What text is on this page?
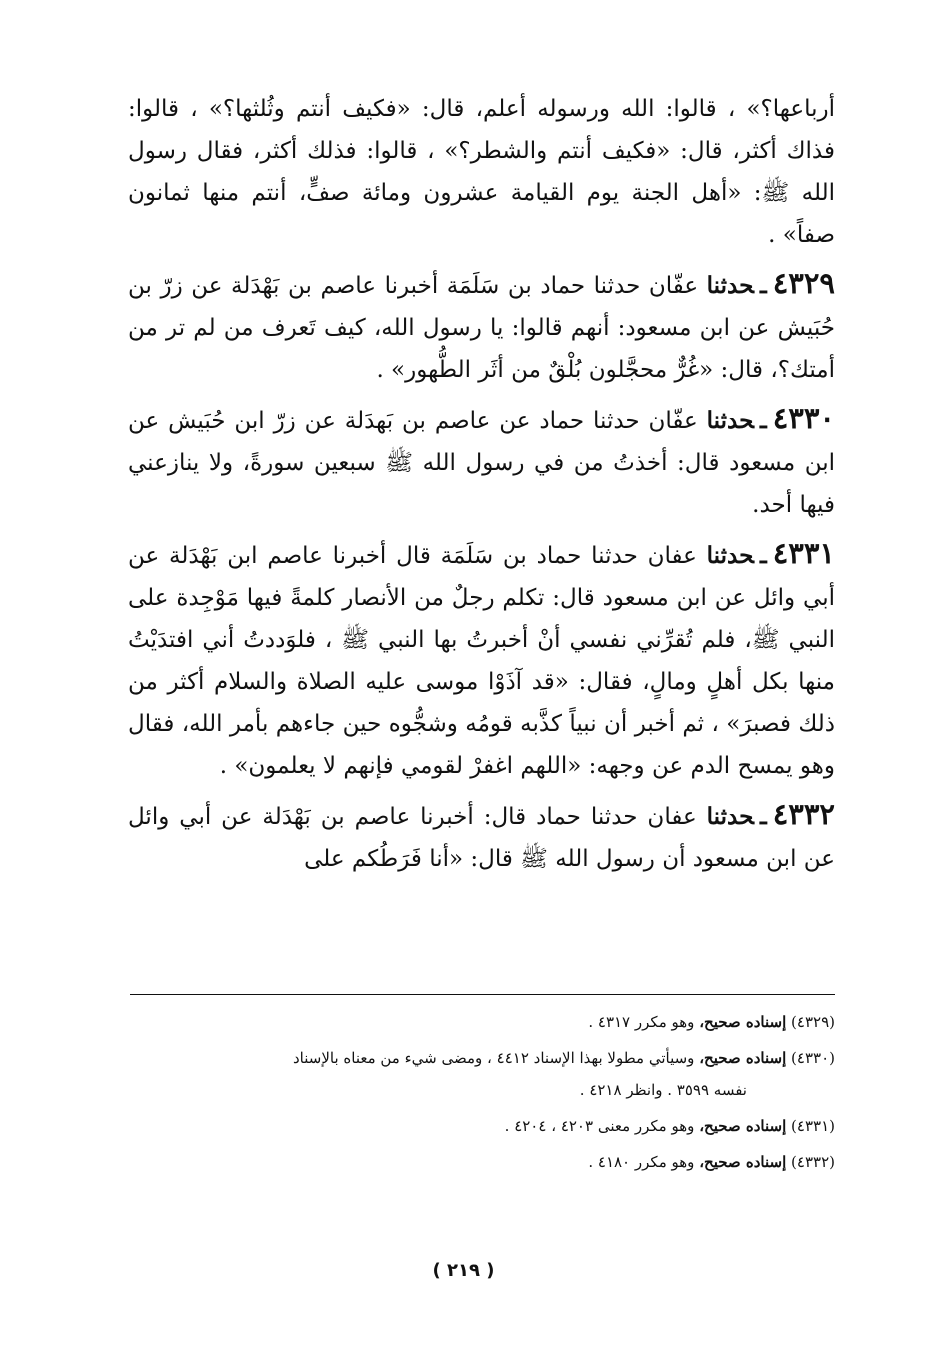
أرباعها؟» ، قالوا: الله ورسوله أعلم، قال: «فكيف أنتم وثُلثها؟» ، قالوا: فذاك أكثر، قال: «فكيف أنتم والشطر؟» ، قالوا: فذلك أكثر، فقال رسول الله ﷺ: «أهل الجنة يوم القيامة عشرون ومائة صفٍّ، أنتم منها ثمانون صفاً» .

٤٣٢٩ـحدثنا عفّان حدثنا حماد بن سَلَمَة أخبرنا عاصم بن بَهْدَلة عن زرّ بن حُبَيش عن ابن مسعود: أنهم قالوا: يا رسول الله، كيف تَعرف من لم تر من أمتك؟، قال: «غُرٌّ محجَّلون بُلْقٌ من أثَر الطُّهور» .

٤٣٣٠ـحدثنا عفّان حدثنا حماد عن عاصم بن بَهدَلة عن زرّ ابن حُبَيش عن ابن مسعود قال: أخذتُ من في رسول الله ﷺ سبعين سورةً، ولا ينازعني فيها أحد.

٤٣٣١ـحدثنا عفان حدثنا حماد بن سَلَمَة قال أخبرنا عاصم ابن بَهْدَلة عن أبي وائل عن ابن مسعود قال: تكلم رجلٌ من الأنصار كلمةً فيها مَوْجِدة على النبي ﷺ، فلم تُقرِّني نفسي أنْ أخبرتُ بها النبي ﷺ ، فلوَددتُ أني افتدَيْتُ منها بكل أهلٍ ومالٍ، فقال: «قد آذَوْا موسى عليه الصلاة والسلام أكثر من ذلك فصبرَ» ، ثم أخبر أن نبياً كذَّبه قومُه وشجُّوه حين جاءهم بأمر الله، فقال وهو يمسح الدم عن وجهه: «اللهم اغفرْ لقومي فإنهم لا يعلمون» .

٤٣٣٢ـحدثنا عفان حدثنا حماد قال: أخبرنا عاصم بن بَهْدَلة عن أبي وائل عن ابن مسعود أن رسول الله ﷺ قال: «أنا فَرَطُكم على

(٤٣٢٩) إسناده صحيح، وهو مكرر ٤٣١٧ .

(٤٣٣٠) إسناده صحيح، وسيأتي مطولا بهذا الإسناد ٤٤١٢ ، ومضى شيء من معناه بالإسناد
نفسه ٣٥٩٩ . وانظر ٤٢١٨ .

(٤٣٣١) إسناده صحيح، وهو مكرر معنى ٤٢٠٣ ، ٤٢٠٤ .

(٤٣٣٢) إسناده صحيح، وهو مكرر ٤١٨٠ .

( ٢١٩ )
